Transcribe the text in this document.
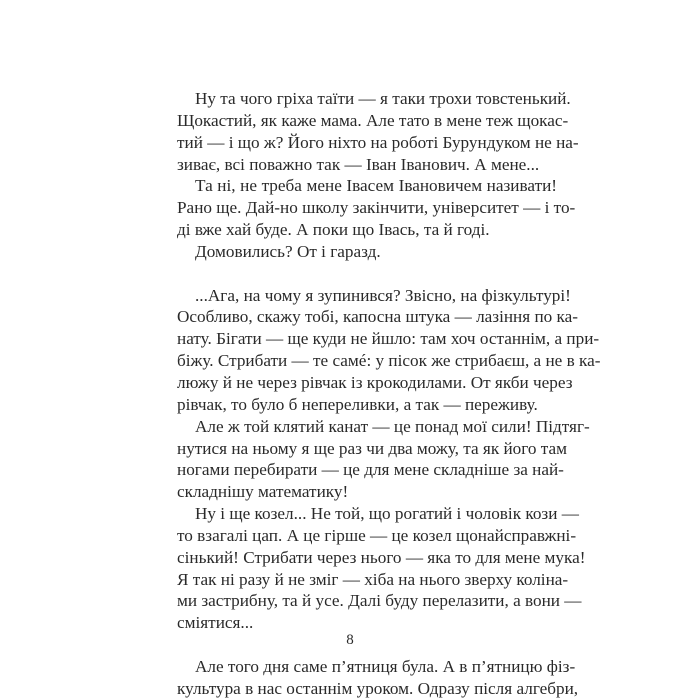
Ну та чого гріха таїти — я таки трохи товстенький.
Щокастий, як каже мама. Але тато в мене теж щокас-
тий — і що ж? Його ніхто на роботі Бурундуком не на-
зиває, всі поважно так — Іван Іванович. А мене...
Та ні, не треба мене Івасем Івановичем називати!
Рано ще. Дай-но школу закінчити, університет — і то-
ді вже хай буде. А поки що Івась, та й годі.
Домовились? От і гаразд.
...Ага, на чому я зупинився? Звісно, на фізкультурі!
Особливо, скажу тобі, капосна штука — лазіння по ка-
нату. Бігати — ще куди не йшло: там хоч останнім, а при-
біжу. Стрибати — те самé: у пісок же стрибаєш, а не в ка-
люжу й не через рівчак із крокодилами. От якби через
рівчак, то було б непереливки, а так — переживу.
Але ж той клятий канат — це понад мої сили! Підтяг-
нутися на ньому я ще раз чи два можу, та як його там
ногами перебирати — це для мене складніше за най-
складнішу математику!
Ну і ще козел... Не той, що рогатий і чоловік кози —
то взагалі цап. А це гірше — це козел щонайсправжні-
сінький! Стрибати через нього — яка то для мене мука!
Я так ні разу й не зміг — хіба на нього зверху коліна-
ми застрибну, та й усе. Далі буду перелазити, а вони —
сміятися...
Але того дня саме п’ятниця була. А в п’ятницю фіз-
культура в нас останнім уроком. Одразу після алгебри,
8
